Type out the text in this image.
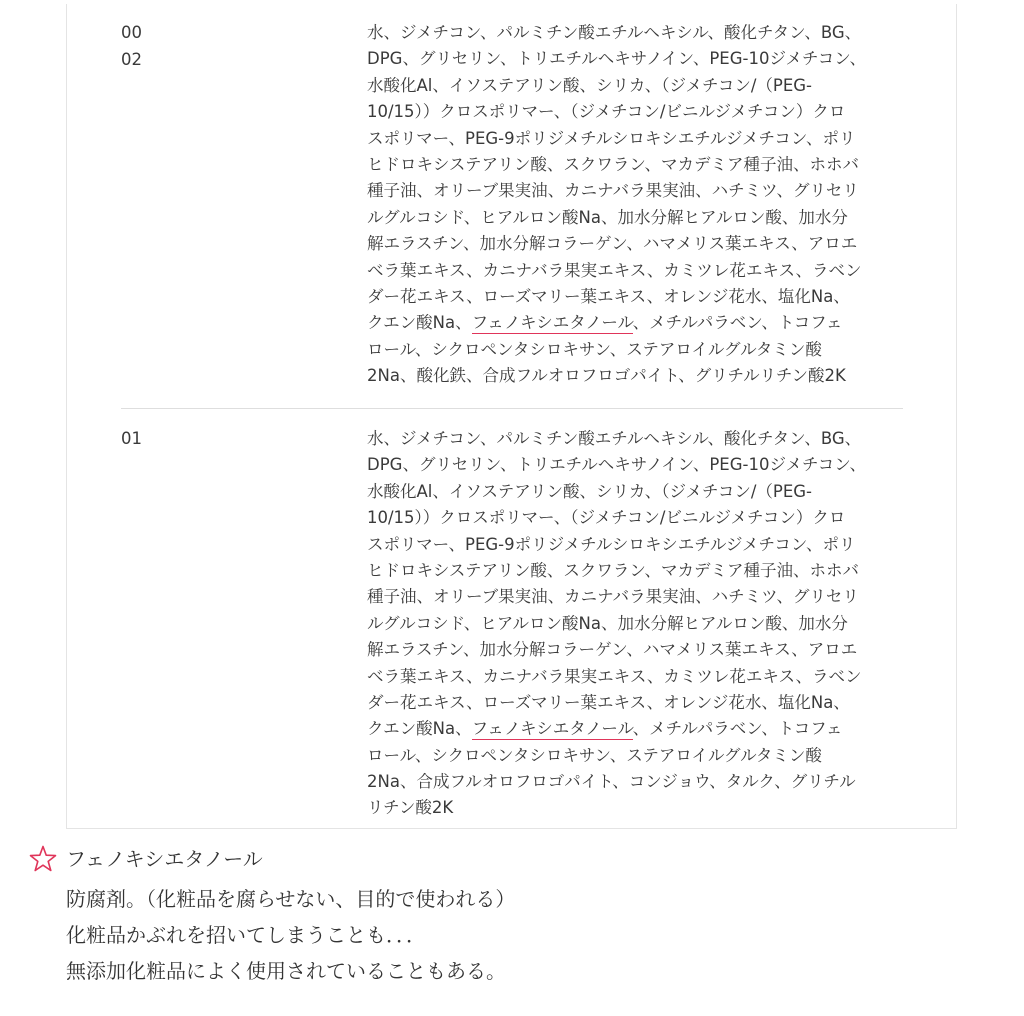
00
02
水、ジメチコン、パルミチン酸エチルヘキシル、酸化チタン、BG、
DPG、グリセリン、トリエチルヘキサノイン、PEG-10ジメチコン、
水酸化Al、イソステアリン酸、シリカ、（ジメチコン/（PEG-
10/15））クロスポリマー、（ジメチコン/ビニルジメチコン）クロ
スポリマー、PEG-9ポリジメチルシロキシエチルジメチコン、ポリ
ヒドロキシステアリン酸、スクワラン、マカデミア種子油、ホホバ
種子油、オリーブ果実油、カニナバラ果実油、ハチミツ、グリセリ
ルグルコシド、ヒアルロン酸Na、加水分解ヒアルロン酸、加水分
解エラスチン、加水分解コラーゲン、ハマメリス葉エキス、アロエ
ベラ葉エキス、カニナバラ果実エキス、カミツレ花エキス、ラベン
ダー花エキス、ローズマリー葉エキス、オレンジ花水、塩化Na、
クエン酸Na、フェノキシエタノール、メチルパラベン、トコフェ
ロール、シクロペンタシロキサン、ステアロイルグルタミン酸
2Na、酸化鉄、合成フルオロフロゴパイト、グリチルリチン酸2K
01	水、ジメチコン、パルミチン酸エチルヘキシル、酸化チタン、BG、
DPG、グリセリン、トリエチルヘキサノイン、PEG-10ジメチコン、
水酸化Al、イソステアリン酸、シリカ、（ジメチコン/（PEG-
10/15））クロスポリマー、（ジメチコン/ビニルジメチコン）クロ
スポリマー、PEG-9ポリジメチルシロキシエチルジメチコン、ポリ
ヒドロキシステアリン酸、スクワラン、マカデミア種子油、ホホバ
種子油、オリーブ果実油、カニナバラ果実油、ハチミツ、グリセリ
ルグルコシド、ヒアルロン酸Na、加水分解ヒアルロン酸、加水分
解エラスチン、加水分解コラーゲン、ハマメリス葉エキス、アロエ
ベラ葉エキス、カニナバラ果実エキス、カミツレ花エキス、ラベン
ダー花エキス、ローズマリー葉エキス、オレンジ花水、塩化Na、
クエン酸Na、フェノキシエタノール、メチルパラベン、トコフェ
ロール、シクロペンタシロキサン、ステアロイルグルタミン酸
2Na、合成フルオロフロゴパイト、コンジョウ、タルク、グリチル
リチン酸2K
フェノキシエタノール
防腐剤。（化粧品を腐らせない、目的で使われる）
化粧品かぶれを招いてしまうことも．．．
無添加化粧品によく使用されていることもある。
